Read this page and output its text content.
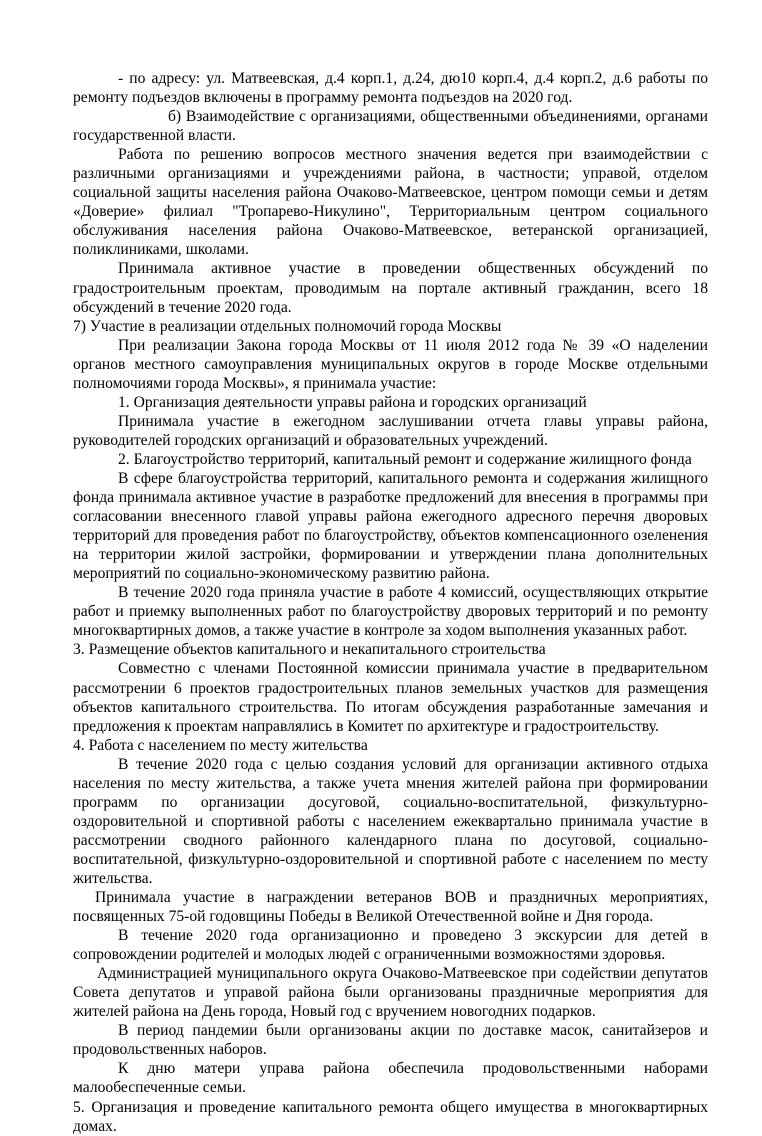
- по адресу: ул. Матвеевская, д.4 корп.1, д.24, дю10 корп.4, д.4 корп.2, д.6 работы по ремонту подъездов включены в программу ремонта подъездов на 2020 год.

б) Взаимодействие с организациями, общественными объединениями, органами государственной власти.

Работа по решению вопросов местного значения ведется при взаимодействии с различными организациями и учреждениями района, в частности; управой, отделом социальной защиты населения района Очаково-Матвеевское, центром помощи семьи и детям «Доверие» филиал "Тропарево-Никулино", Территориальным центром социального обслуживания населения района Очаково-Матвеевское, ветеранской организацией, поликлиниками, школами.

Принимала активное участие в проведении общественных обсуждений по градостроительным проектам, проводимым на портале активный гражданин, всего 18 обсуждений в течение 2020 года.

7) Участие в реализации отдельных полномочий города Москвы

При реализации Закона города Москвы от 11 июля 2012 года № 39 «О наделении органов местного самоуправления муниципальных округов в городе Москве отдельными полномочиями города Москвы», я принимала участие:

1. Организация деятельности управы района и городских организаций

Принимала участие в ежегодном заслушивании отчета главы управы района, руководителей городских организаций и образовательных учреждений.

2. Благоустройство территорий, капитальный ремонт и содержание жилищного фонда

В сфере благоустройства территорий, капитального ремонта и содержания жилищного фонда принимала активное участие в разработке предложений для внесения в программы при согласовании внесенного главой управы района ежегодного адресного перечня дворовых территорий для проведения работ по благоустройству, объектов компенсационного озеленения на территории жилой застройки, формировании и утверждении плана дополнительных мероприятий по социально-экономическому развитию района.

В течение 2020 года приняла участие в работе 4 комиссий, осуществляющих открытие работ и приемку выполненных работ по благоустройству дворовых территорий и по ремонту многоквартирных домов, а также участие в контроле за ходом выполнения указанных работ.

3. Размещение объектов капитального и некапитального строительства

Совместно с членами Постоянной комиссии принимала участие в предварительном рассмотрении 6 проектов градостроительных планов земельных участков для размещения объектов капитального строительства. По итогам обсуждения разработанные замечания и предложения к проектам направлялись в Комитет по архитектуре и градостроительству.

4. Работа с населением по месту жительства

В течение 2020 года с целью создания условий для организации активного отдыха населения по месту жительства, а также учета мнения жителей района при формировании программ по организации досуговой, социально-воспитательной, физкультурно-оздоровительной и спортивной работы с населением ежеквартально принимала участие в рассмотрении сводного районного календарного плана по досуговой, социально-воспитательной, физкультурно-оздоровительной и спортивной работе с населением по месту жительства.

Принимала участие в награждении ветеранов ВОВ и праздничных мероприятиях, посвященных 75-ой годовщины Победы в Великой Отечественной войне и Дня города.

В течение 2020 года организационно и проведено 3 экскурсии для детей в сопровождении родителей и молодых людей с ограниченными возможностями здоровья.

Администрацией муниципального округа Очаково-Матвеевское при содействии депутатов Совета депутатов и управой района были организованы праздничные мероприятия для жителей района на День города, Новый год с вручением новогодних подарков.

В период пандемии были организованы акции по доставке масок, санитайзеров и продовольственных наборов.

К дню матери управа района обеспечила продовольственными наборами малообеспеченные семьи.

5. Организация и проведение капитального ремонта общего имущества в многоквартирных домах.
